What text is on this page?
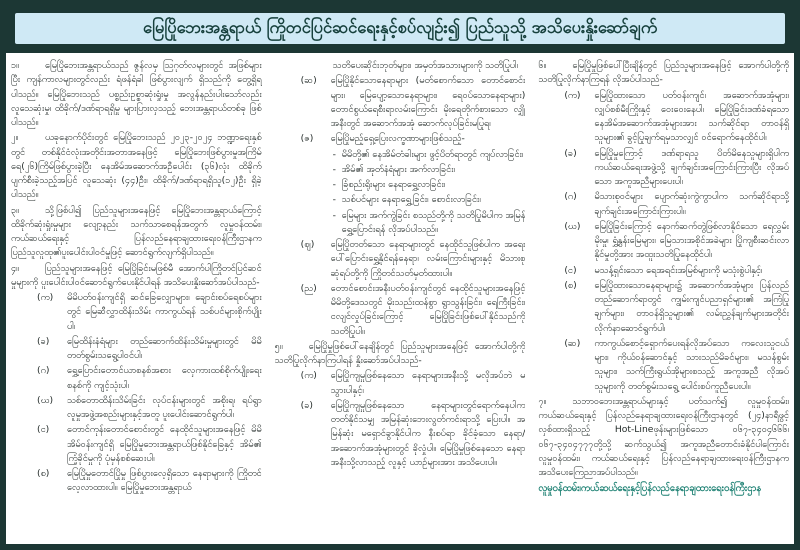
မြေပြိုဘေးအန္တရာယ် ကြိုတင်ပြင်ဆင်ရေးနှင့်စပ်လျဉ်း၍ ပြည်သူသို့ အသိပေးနှိုးဆော်ချက်
၁။	မြေပြိုဘေးအန္တရာယ်သည် ဇွန်လမှ သြဂုတ်လများတွင် အဖြစ်များပြီး ကျန်ကာလများတွင်လည်း ရံဖန်ရံခါ ဖြစ်ပွားလျက် ရှိသည်ကို တွေ့ရှိရပါသည်။ မြေပြိုဘေးသည် ပစ္စည်းဥစ္စာဆုံးရှုံးမှု အလွန်နည်းပါးသော်လည်း လူသေဆုံးမှု၊ ထိခိုက်/ဒဏ်ရာရရှိမှု များပြားလှသည့် ဘေးအန္တရာယ်တစ်ခု ဖြစ်ပါသည်။
၂။	ယခုနောက်ပိုင်းတွင် မြေပြိုဘေးသည် ၂၀၂၃-၂၀၂၄ ဘဏ္ဍာရေးနှစ်တွင် တစ်နိုင်ငံလုံးအတိုင်းအတာအနေဖြင့် မြေပြိုဘေးဖြစ်ပွားမှုအကြိမ်ရေ(၂၆)ကြိမ်ဖြစ်ပွားခဲ့ပြီး နေအိမ်အဆောက်အဦပေါင်း (၃၆)လုံး ထိခိုက်ပျက်စီးခဲ့သည့်အပြင် လူသေဆုံး (၄၄)ဦး၊ ထိခိုက်/ဒဏ်ရာရရှိသူ(၁၂)ဦး ရှိခဲ့ပါသည်။
၃။	သို့ဖြစ်ပါ၍ ပြည်သူများအနေဖြင့် မြေပြိုဘေးအန္တရာယ်ကြောင့် ထိခိုက်ဆုံးရှုံးမှုများ လျော့နည်း သက်သာစေရန်အတွက် လူမှုဝန်ထမ်း၊ ကယ်ဆယ်ရေးနှင့် ပြန်လည်နေရာချထားရေးဝန်ကြီးဌာနက ပြည်သူလူထု၏ပူးပေါင်းပါဝင်မှုဖြင့် ဆောင်ရွက်လျက်ရှိပါသည်။
၄။	ပြည်သူများအနေဖြင့် မြေပြိုခြင်းမဖြစ်မီ အောက်ပါကြိုတင်ပြင်ဆင်မှုများကို ပူးပေါင်းပါဝင်ဆောင်ရွက်ပေးနိုင်ပါရန် အသိပေးနှိုးဆော်အပ်ပါသည်-
(က)	မိမိပတ်ဝန်းကျင်ရှိ ဆင်ခြေလျှောများ၊ ချောင်းစပ်ရေစပ်များတွင် မြေဆီလွှာထိန်းသိမ်း ကာကွယ်ရန် သစ်ပင်များစိုက်ပျိုးပါ၊
(ခ)	မြေထိန်းနံရံများ တည်ဆောက်ထိန်းသိမ်းမှုများတွင် မိမိတတ်စွမ်းသရွေ့ပါဝင်ပါ၊
(ဂ)	ရွှေ့ပြောင်းတောင်ယာစနစ်အစား လှေကားထစ်စိုက်ပျိုးရေးစနစ်ကို ကျင့်သုံးပါ၊
(ဃ)	သစ်တောထိန်းသိမ်းခြင်း လုပ်ငန်းများတွင် အစိုးရ၊ ရပ်ရွာ လူမှုအဖွဲ့အစည်းများနှင့်အတူ ပူးပေါင်းဆောင်ရွက်ပါ၊
(င)	တောင်ကုန်းတောင်စောင်းတွင် နေထိုင်သူများအနေဖြင့် မိမိအိမ်ဝန်းကျင်ရှိ မြေပြိုမှုဘေးအန္တရာယ်ဖြစ်နိုင်ခြေနှင့် အိမ်၏ ကြံ့ခိုင်မှုကို ပုံမှန်စစ်ဆေးပါ၊
(စ)	မြေပြိုမှုတောင်ပြိုမှု ဖြစ်ပွားလေ့ရှိသော နေရာများကို ကြိုတင်လေ့လာထားပါ။ မြေပြိုမှုဘေးအန္တရာယ်
သတိပေးဆိုင်းဘုတ်များ၊ အမှတ်အသားများကို သတိပြုပါ၊
(ဆ)	မြေပြိုနိုင်သောနေရာများ (မတ်စောက်သော တောင်စောင်းများ၊ မြေပျော့သောနေရာများ၊ ရေဝပ်သောနေရာများ) တောင်စွယ်ရေစီးရာလမ်းကြောင်း မိုးရေတိုက်စားသော လျှို့အနီးတွင် အဆောက်အအုံ ဆောက်လုပ်ခြင်းမပြုရ၊
(ဇ)	မြေပြိုမည့်ရှေ့ပြေးလက္ခဏာများဖြစ်သည့်-
- မိမိတို့၏ နေအိမ်တံခါးများ ဖွင့်ပိတ်ရာတွင် ကျပ်လာခြင်း၊
- အိမ်၏ အုတ်နံရံများ အက်လာခြင်း၊
- ခြံစည်းရိုးများ နေရာရွှေ့လာခြင်း၊
- သစ်ပင်များ နေရာရွှေ့ခြင်း၊ စောင်းလာခြင်း၊
- မြေများ အက်ကွဲခြင်း စသည်တို့ကို သတိပြုမိပါက အမြန်ရွှေ့ပြောင်းရန် လိုအပ်ပါသည်။
(ဈ)	မြေပြိုတတ်သော နေရာများတွင် နေထိုင်သူဖြစ်ပါက အရေးပေါ်ပြောင်းရွှေ့နိုင်ရန်နေရာ၊ လမ်းကြောင်းများနှင့် မိသားစုဆုံရပ်တို့ကို ကြိုတင်သတ်မှတ်ထားပါ။
(ည)	တောင်စောင်းအနီးပတ်ဝန်းကျင်တွင် နေထိုင်သူများအနေဖြင့် မိမိတို့ဒေသတွင် မိုးသည်းထန်စွာ ရွာသွန်းခြင်း၊ ရေကြီးခြင်း၊ ငလျင်လှုပ်ခြင်းကြောင့် မြေပြိုခြင်းဖြစ်ပေါ်နိုင်သည်ကို သတိပြုပါ။
၅။	မြေပြိုမှုဖြစ်ပေါ်နေချိန်တွင် ပြည်သူများအနေဖြင့် အောက်ပါတို့ကို သတိပြုလိုက်နာကြပါရန် နှိုးဆော်အပ်ပါသည်-
(က)	မြေပြိုကျမှုဖြစ်နေသော နေရာများအနီးသို့ မလိုအပ်ဘဲ မသွားပါနှင့်၊
(ခ)	မြေပြိုကျမှုဖြစ်နေသော နေရာများတွင်ရောက်နေပါက တတ်နိုင်သမျှ အမြန်ဆုံးဘေးလွတ်ကင်းရာသို့ ပြေးပါ။ အမြန်ဆုံး မရှောင်ခွာနိုင်ပါက နီးစပ်ရာ ခိုင်ခံ့သော နေရာ/အဆောက်အအုံများတွင် ခိုလှုံပါ။ မြေပြိုမှုဖြစ်နေသော နေရာအနီးသို့လာသည့် လူနှင့် ယာဉ်များအား အသိပေးပါ။
၆။	မြေပြိုမှုဖြစ်ပေါ်ပြီးချိန်တွင် ပြည်သူများအနေဖြင့် အောက်ပါတို့ကို သတိပြုလိုက်နာကြရန် လိုအပ်ပါသည်-
(က)	မြေပြိုထားသော ပတ်ဝန်းကျင်၊ အဆောက်အအုံများ၊ လျှပ်စစ်မီးကြိုးနှင့် ဝေးဝေးနေပါ၊ မြေပြိုခြင်းဒဏ်ခံရသော နေအိမ်အဆောက်အအုံများအား သက်ဆိုင်ရာ တာဝန်ရှိသူများ၏ ခွင့်ပြုချက်ရမှသာလျှင် ဝင်ရောက်နေထိုင်ပါ၊
(ခ)	မြေပြိုမှုကြောင့် ဒဏ်ရာရသူ ပိတ်မိနေသူများရှိပါက ကယ်ဆယ်ရေးအဖွဲ့သို့ ချက်ချင်းအကြောင်းကြားပြီး လိုအပ်သော အကူအညီများပေးပါ၊
(ဂ)	မိသားစုဝင်များ ပျောက်ဆုံးကွဲကွာပါက သက်ဆိုင်ရာသို့ ချက်ချင်းအကြောင်းကြားပါ။
(ဃ)	မြေပြိုခြင်းကြောင့် နောက်ဆက်တွဲဖြစ်လာနိုင်သော ရေလွှမ်းမိုးမှု၊ ရွှံ့နွန်းမြေများ၊ မြေသားအစိုင်အခဲများ ပြိုကျစီးဆင်းလာနိုင်မှုတို့အား အထူးသတိပြုနေထိုင်ပါ၊
(င)	မသန့်ရှင်းသော ရေအရင်းအမြစ်များကို မသုံးစွဲပါနှင့်၊
(စ)	မြေပြိုထားသောနေရာများ၌ အဆောက်အအုံများ ပြန်လည်တည်ဆောက်ရာတွင် ကျွမ်းကျင်ပညာရှင်များ၏ အကြံပြုချက်များ၊ တာဝန်ရှိသူများ၏ လမ်းညွှန်ချက်များအတိုင်း လိုက်နာဆောင်ရွက်ပါ၊
(ဆ)	ကာကွယ်စောင့်ရှောက်ပေးရန်လိုအပ်သော ကလေးသူငယ်များ၊ ကိုယ်ဝန်ဆောင်နှင့် သားသည်မိခင်များ၊ မသန်စွမ်းသူများ၊ သက်ကြီးရွယ်အိုများစသည့် အကူအညီ လိုအပ်သူများကို တတ်စွမ်းသရွေ့ ပေါင်းစပ်ကူညီပေးပါ။
၇။	သဘာဝဘေးအန္တရာယ်များနှင့် ပတ်သက်၍ လူမှုဝန်ထမ်း၊ ကယ်ဆယ်ရေးနှင့် ပြန်လည်နေရာချထားရေးဝန်ကြီးဌာနတွင် (၂၄)နာရီဖွင့်လှစ်ထားရှိသည့် Hot-Lineဖုန်းများဖြစ်သော ၀၆၇-၃၄၀၄၆၆၆၊ ၀၆၇-၃၄၀၄၇၇၇တို့သို့ ဆက်သွယ်၍ အကူအညီတောင်းခံနိုင်ပါကြောင်း လူမှုဝန်ထမ်း၊ ကယ်ဆယ်ရေးနှင့် ပြန်လည်နေရာချထားရေးဝန်ကြီးဌာနက အသိပေးကြေညာအပ်ပါသည်။
လူမှုဝန်ထမ်း၊ကယ်ဆယ်ရေးနှင့်ပြန်လည်နေရာချထားရေးဝန်ကြီးဌာန
